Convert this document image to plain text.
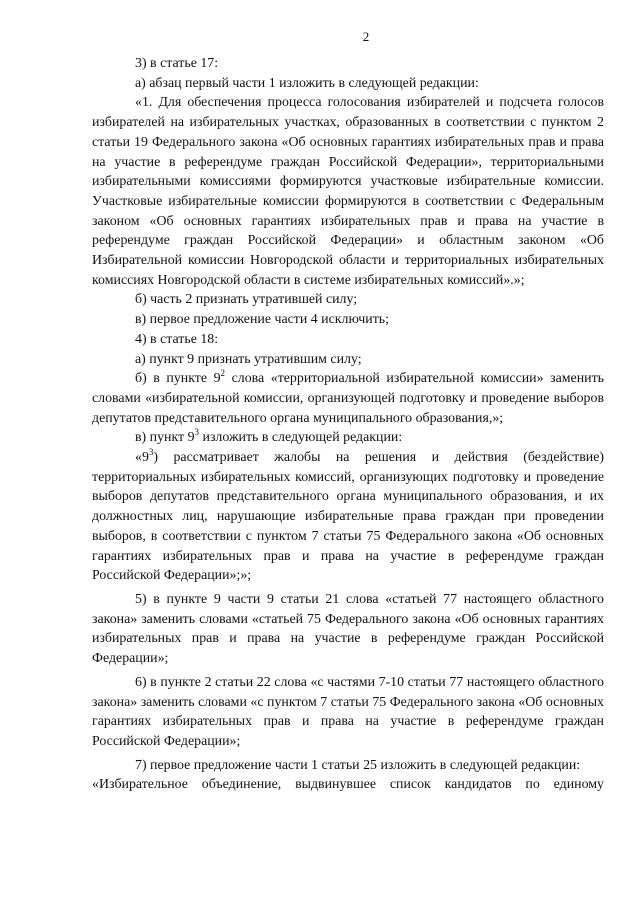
2

3) в статье 17:

а) абзац первый части 1 изложить в следующей редакции:

«1. Для обеспечения процесса голосования избирателей и подсчета голосов избирателей на избирательных участках, образованных в соответствии с пунктом 2 статьи 19 Федерального закона «Об основных гарантиях избирательных прав и права на участие в референдуме граждан Российской Федерации», территориальными избирательными комиссиями формируются участковые избирательные комиссии. Участковые избирательные комиссии формируются в соответствии с Федеральным законом «Об основных гарантиях избирательных прав и права на участие в референдуме граждан Российской Федерации» и областным законом «Об Избирательной комиссии Новгородской области и территориальных избирательных комиссиях Новгородской области в системе избирательных комиссий».»;

б) часть 2 признать утратившей силу;

в) первое предложение части 4 исключить;

4) в статье 18:

а) пункт 9 признать утратившим силу;

б) в пункте $9^2$ слова «территориальной избирательной комиссии» заменить словами «избирательной комиссии, организующей подготовку и проведение выборов депутатов представительного органа муниципального образования,»;

в) пункт $9^3$ изложить в следующей редакции:

«$9^3$) рассматривает жалобы на решения и действия (бездействие) территориальных избирательных комиссий, организующих подготовку и проведение выборов депутатов представительного органа муниципального образования, и их должностных лиц, нарушающие избирательные права граждан при проведении выборов, в соответствии с пунктом 7 статьи 75 Федерального закона «Об основных гарантиях избирательных прав и права на участие в референдуме граждан Российской Федерации»;»;

5) в пункте 9 части 9 статьи 21 слова «статьей 77 настоящего областного закона» заменить словами «статьей 75 Федерального закона «Об основных гарантиях избирательных прав и права на участие в референдуме граждан Российской Федерации»;

6) в пункте 2 статьи 22 слова «с частями 7-10 статьи 77 настоящего областного закона» заменить словами «с пунктом 7 статьи 75 Федерального закона «Об основных гарантиях избирательных прав и права на участие в референдуме граждан Российской Федерации»;

7) первое предложение части 1 статьи 25 изложить в следующей редакции:

«Избирательное объединение, выдвинувшее список кандидатов по единому
